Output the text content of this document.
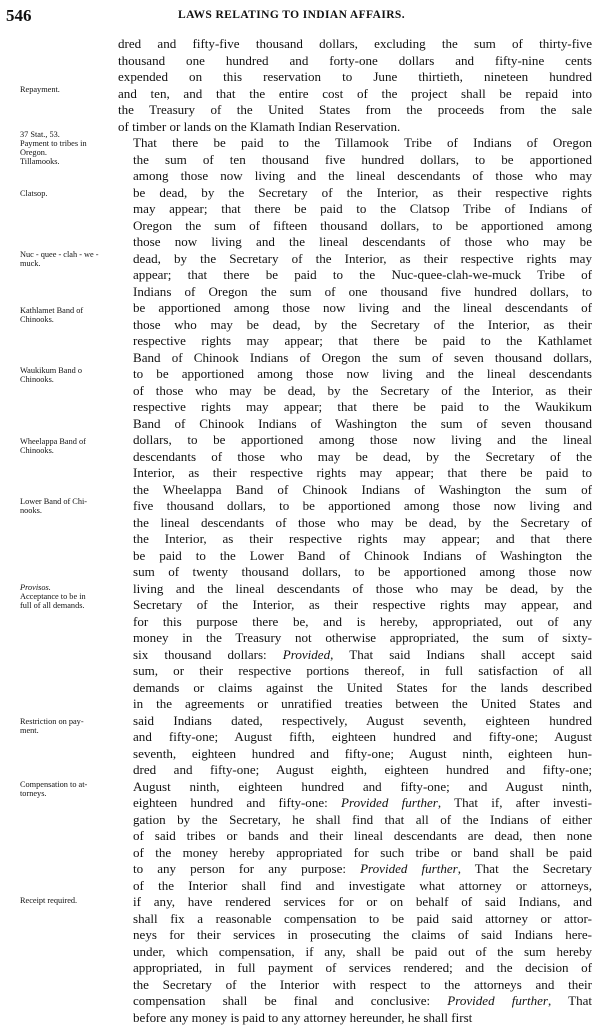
546	LAWS RELATING TO INDIAN AFFAIRS.
Repayment.
37 Stat., 53.
Payment to tribes in
Oregon.
Tillamooks.
Clatsop.
Nuc - quee - clah - we -
muck.
Kathlamet Band of
Chinooks.
Waukikum Band o
Chinooks.
Wheelappa Band of
Chinooks.
Lower Band of Chi-
nooks.
Provisos.
Acceptance to be in
full of all demands.
Restriction on pay-
ment.
Compensation to at-
torneys.
Receipt required.

dred and fifty-five thousand dollars, excluding the sum of thirty-five
thousand one hundred and forty-one dollars and fifty-nine cents
expended on this reservation to June thirtieth, nineteen hundred
and ten, and that the entire cost of the project shall be repaid into
the Treasury of the United States from the proceeds from the sale
of timber or lands on the Klamath Indian Reservation.

That there be paid to the Tillamook Tribe of Indians of Oregon
the sum of ten thousand five hundred dollars, to be apportioned
among those now living and the lineal descendants of those who may
be dead, by the Secretary of the Interior, as their respective rights
may appear; that there be paid to the Clatsop Tribe of Indians of
Oregon the sum of fifteen thousand dollars, to be apportioned among
those now living and the lineal descendants of those who may be
dead, by the Secretary of the Interior, as their respective rights may
appear; that there be paid to the Nuc-quee-clah-we-muck Tribe of
Indians of Oregon the sum of one thousand five hundred dollars, to
be apportioned among those now living and the lineal descendants of
those who may be dead, by the Secretary of the Interior, as their
respective rights may appear; that there be paid to the Kathlamet
Band of Chinook Indians of Oregon the sum of seven thousand dollars,
to be apportioned among those now living and the lineal descendants
of those who may be dead, by the Secretary of the Interior, as their
respective rights may appear; that there be paid to the Waukikum
Band of Chinook Indians of Washington the sum of seven thousand
dollars, to be apportioned among those now living and the lineal
descendants of those who may be dead, by the Secretary of the
Interior, as their respective rights may appear; that there be paid to
the Wheelappa Band of Chinook Indians of Washington the sum of
five thousand dollars, to be apportioned among those now living and
the lineal descendants of those who may be dead, by the Secretary of
the Interior, as their respective rights may appear; and that there
be paid to the Lower Band of Chinook Indians of Washington the
sum of twenty thousand dollars, to be apportioned among those now
living and the lineal descendants of those who may be dead, by the
Secretary of the Interior, as their respective rights may appear, and
for this purpose there be, and is hereby, appropriated, out of any
money in the Treasury not otherwise appropriated, the sum of sixty-
six thousand dollars: Provided, That said Indians shall accept said
sum, or their respective portions thereof, in full satisfaction of all
demands or claims against the United States for the lands described
in the agreements or unratified treaties between the United States and
said Indians dated, respectively, August seventh, eighteen hundred
and fifty-one; August fifth, eighteen hundred and fifty-one; August
seventh, eighteen hundred and fifty-one; August ninth, eighteen hun-
dred and fifty-one; August eighth, eighteen hundred and fifty-one;
August ninth, eighteen hundred and fifty-one; and August ninth,
eighteen hundred and fifty-one: Provided further, That if, after investi-
gation by the Secretary, he shall find that all of the Indians of either
of said tribes or bands and their lineal descendants are dead, then none
of the money hereby appropriated for such tribe or band shall be paid
to any person for any purpose: Provided further, That the Secretary
of the Interior shall find and investigate what attorney or attorneys,
if any, have rendered services for or on behalf of said Indians, and
shall fix a reasonable compensation to be paid said attorney or attor-
neys for their services in prosecuting the claims of said Indians here-
under, which compensation, if any, shall be paid out of the sum hereby
appropriated, in full payment of services rendered; and the decision of
the Secretary of the Interior with respect to the attorneys and their
compensation shall be final and conclusive: Provided further, That
before any money is paid to any attorney hereunder, he shall first
